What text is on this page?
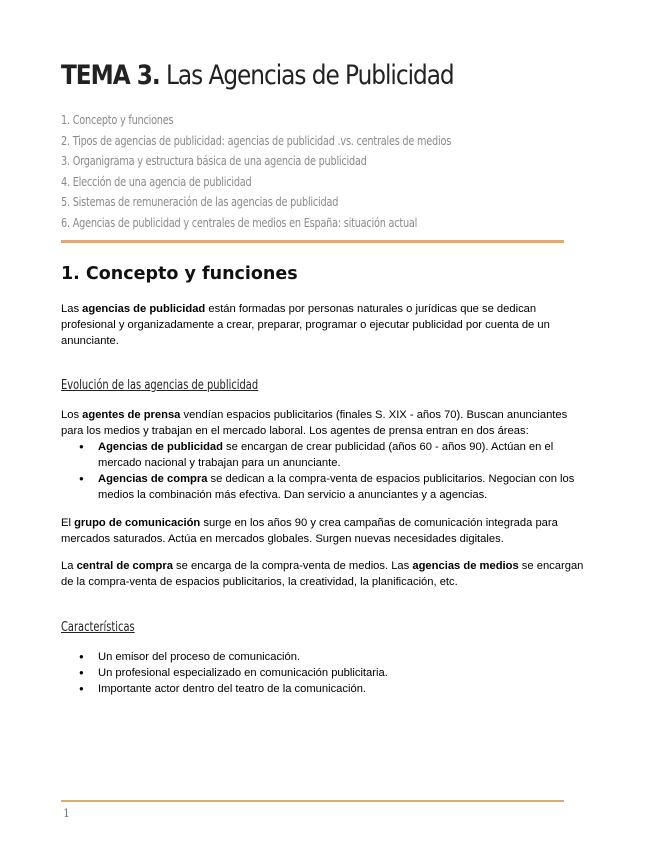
TEMA 3. Las Agencias de Publicidad
1. Concepto y funciones
2. Tipos de agencias de publicidad: agencias de publicidad .vs. centrales de medios
3. Organigrama y estructura básica de una agencia de publicidad
4. Elección de una agencia de publicidad
5. Sistemas de remuneración de las agencias de publicidad
6. Agencias de publicidad y centrales de medios en España: situación actual
1. Concepto y funciones

Las agencias de publicidad están formadas por personas naturales o jurídicas que se dedican profesional y organizadamente a crear, preparar, programar o ejecutar publicidad por cuenta de un anunciante.

Evolución de las agencias de publicidad

Los agentes de prensa vendían espacios publicitarios (finales S. XIX - años 70). Buscan anunciantes para los medios y trabajan en el mercado laboral. Los agentes de prensa entran en dos áreas:

● Agencias de publicidad se encargan de crear publicidad (años 60 - años 90). Actúan en el mercado nacional y trabajan para un anunciante.
● Agencias de compra se dedican a la compra-venta de espacios publicitarios. Negocian con los medios la combinación más efectiva. Dan servicio a anunciantes y a agencias.

El grupo de comunicación surge en los años 90 y crea campañas de comunicación integrada para mercados saturados. Actúa en mercados globales. Surgen nuevas necesidades digitales.

La central de compra se encarga de la compra-venta de medios. Las agencias de medios se encargan de la compra-venta de espacios publicitarios, la creatividad, la planificación, etc.

Características
● Un emisor del proceso de comunicación.
● Un profesional especializado en comunicación publicitaria.
● Importante actor dentro del teatro de la comunicación.
1
